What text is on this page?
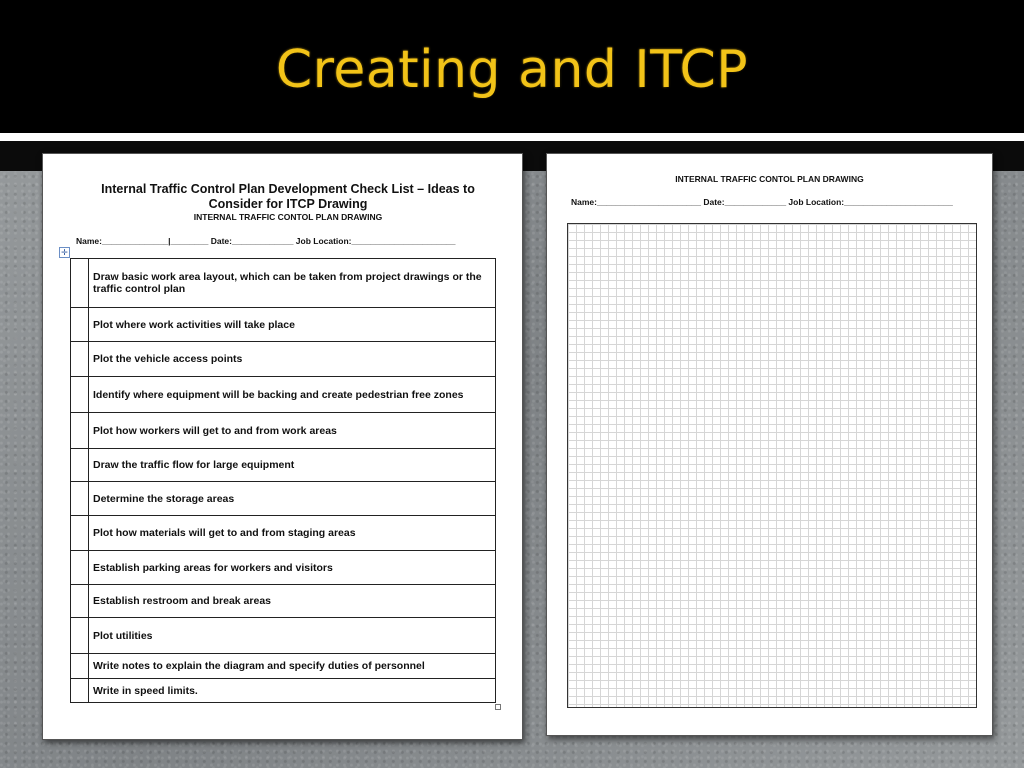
Creating and ITCP
Internal Traffic Control Plan Development Check List – Ideas to Consider for ITCP Drawing
INTERNAL TRAFFIC CONTOL PLAN DRAWING
Name:______________|________ Date:_____________ Job Location:______________________
✛
	Draw basic work area layout, which can be taken from project drawings or the traffic control plan
	Plot where work activities will take place
	Plot the vehicle access points
	Identify where equipment will be backing and create pedestrian free zones
	Plot how workers will get to and from work areas
	Draw the traffic flow for large equipment
	Determine the storage areas
	Plot how materials will get to and from staging areas
	Establish parking areas for workers and visitors
	Establish restroom and break areas
	Plot utilities
	Write notes to explain the diagram and specify duties of personnel
	Write in speed limits.
INTERNAL TRAFFIC CONTOL PLAN DRAWING
Name:______________________ Date:_____________ Job Location:_______________________
